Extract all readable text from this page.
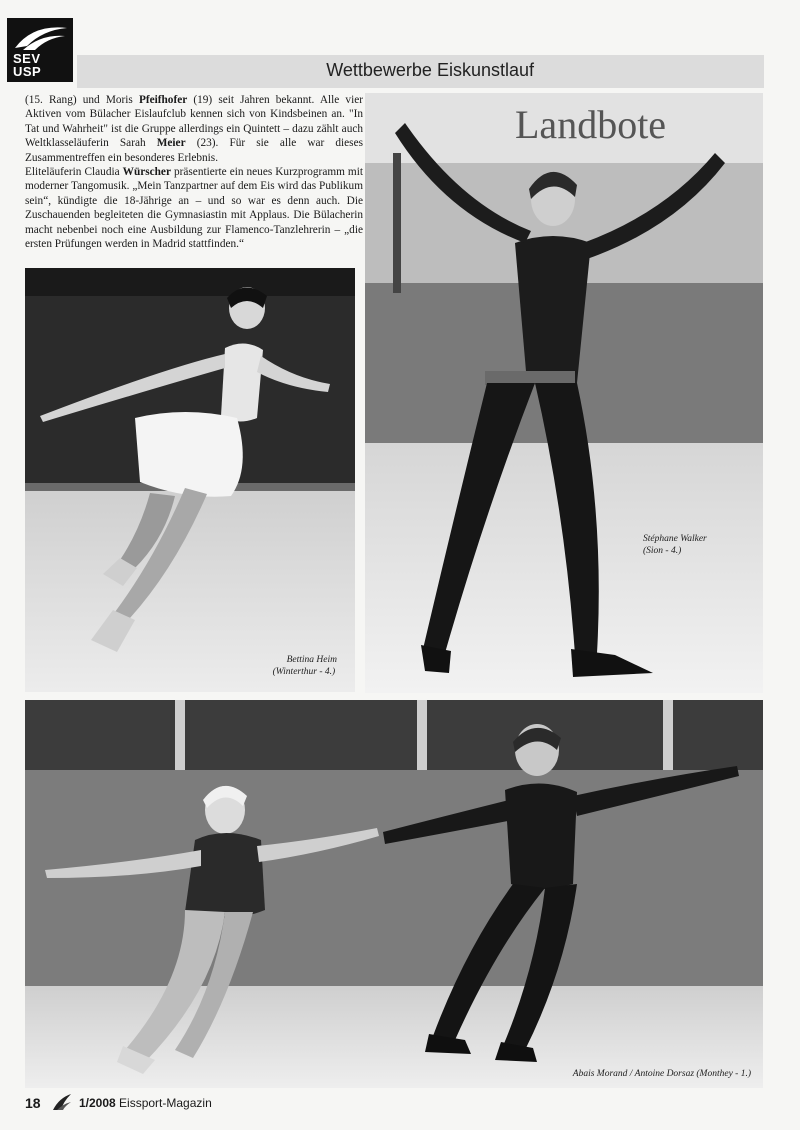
SEV
USP	Wettbewerbe Eiskunstlauf

(15. Rang) und Moris Pfeifhofer (19) seit Jahren bekannt. Alle vier Aktiven vom Bülacher Eislaufclub kennen sich von Kindsbeinen an. "In Tat und Wahrheit" ist die Gruppe allerdings ein Quintett – dazu zählt auch Weltklasseläuferin Sarah Meier (23). Für sie alle war dieses Zusammentreffen ein besonderes Erlebnis.

Eliteläuferin Claudia Würscher präsentierte ein neues Kurzprogramm mit moderner Tangomusik. „Mein Tanzpartner auf dem Eis wird das Publikum sein“, kündigte die 18-Jährige an – und so war es denn auch. Die Zuschauenden begleiteten die Gymnasiastin mit Applaus. Die Bülacherin macht nebenbei noch eine Ausbildung zur Flamenco-Tanzlehrerin – „die ersten Prüfungen werden in Madrid stattfinden.“

Bettina Heim
(Winterthur - 4.)
Landbote
Stéphane Walker
(Sion - 4.)
Abais Morand / Antoine Dorsaz (Monthey - 1.)
18	1/2008 Eissport-Magazin
